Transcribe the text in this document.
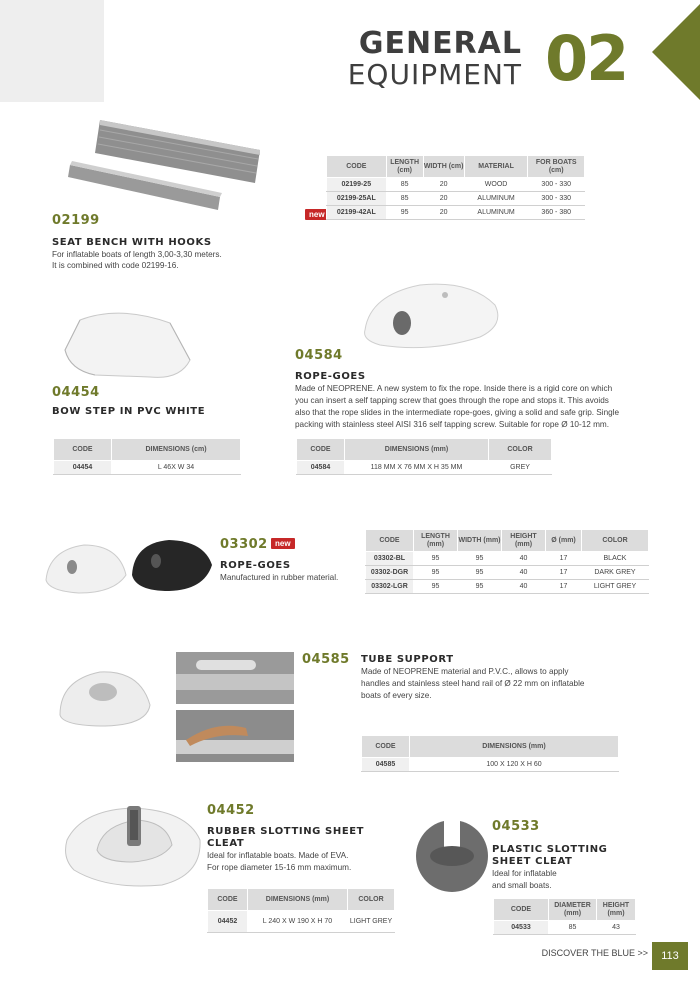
GENERAL
EQUIPMENT 02
02199
SEAT BENCH WITH HOOKS
For inflatable boats of length 3,00-3,30 meters.
It is combined with code 02199-16.
new
CODE	LENGTH (cm)	WIDTH (cm)	MATERIAL	FOR BOATS (cm)
02199-25	85	20	WOOD	300 - 330
02199-25AL	85	20	ALUMINUM	300 - 330
02199-42AL	95	20	ALUMINUM	360 - 380
04454
BOW STEP IN PVC WHITE
CODE	DIMENSIONS (cm)
04454	L 46X W 34
04584
ROPE-GOES
Made of NEOPRENE. A new system to fix the rope. Inside there is a rigid core on which
you can insert a self tapping screw that goes through the rope and stops it. This avoids
also that the rope slides in the intermediate rope-goes, giving a solid and safe grip. Single
packing with stainless steel AISI 316 self tapping screw. Suitable for rope Ø 10-12 mm.
CODE	DIMENSIONS (mm)	COLOR
04584	118 MM X 76 MM X H 35 MM	GREY
03302 new
ROPE-GOES
Manufactured in rubber material.
CODE	LENGTH (mm)	WIDTH (mm)	HEIGHT (mm)	Ø (mm)	COLOR
03302-BL	95	95	40	17	BLACK
03302-DGR	95	95	40	17	DARK GREY
03302-LGR	95	95	40	17	LIGHT GREY
04585 TUBE SUPPORT
Made of NEOPRENE material and P.V.C., allows to apply
handles and stainless steel hand rail of Ø 22 mm on inflatable
boats of every size.
CODE	DIMENSIONS (mm)
04585	100 X 120 X H 60
04452
RUBBER SLOTTING SHEET
CLEAT
Ideal for inflatable boats. Made of EVA.
For rope diameter 15-16 mm maximum.
CODE	DIMENSIONS (mm)	COLOR
04452	L 240 X W 190 X H 70	LIGHT GREY
04533
PLASTIC SLOTTING
SHEET CLEAT
Ideal for inflatable
and small boats.
CODE	DIAMETER (mm)	HEIGHT (mm)
04533	85	43
DISCOVER THE BLUE >>	113
